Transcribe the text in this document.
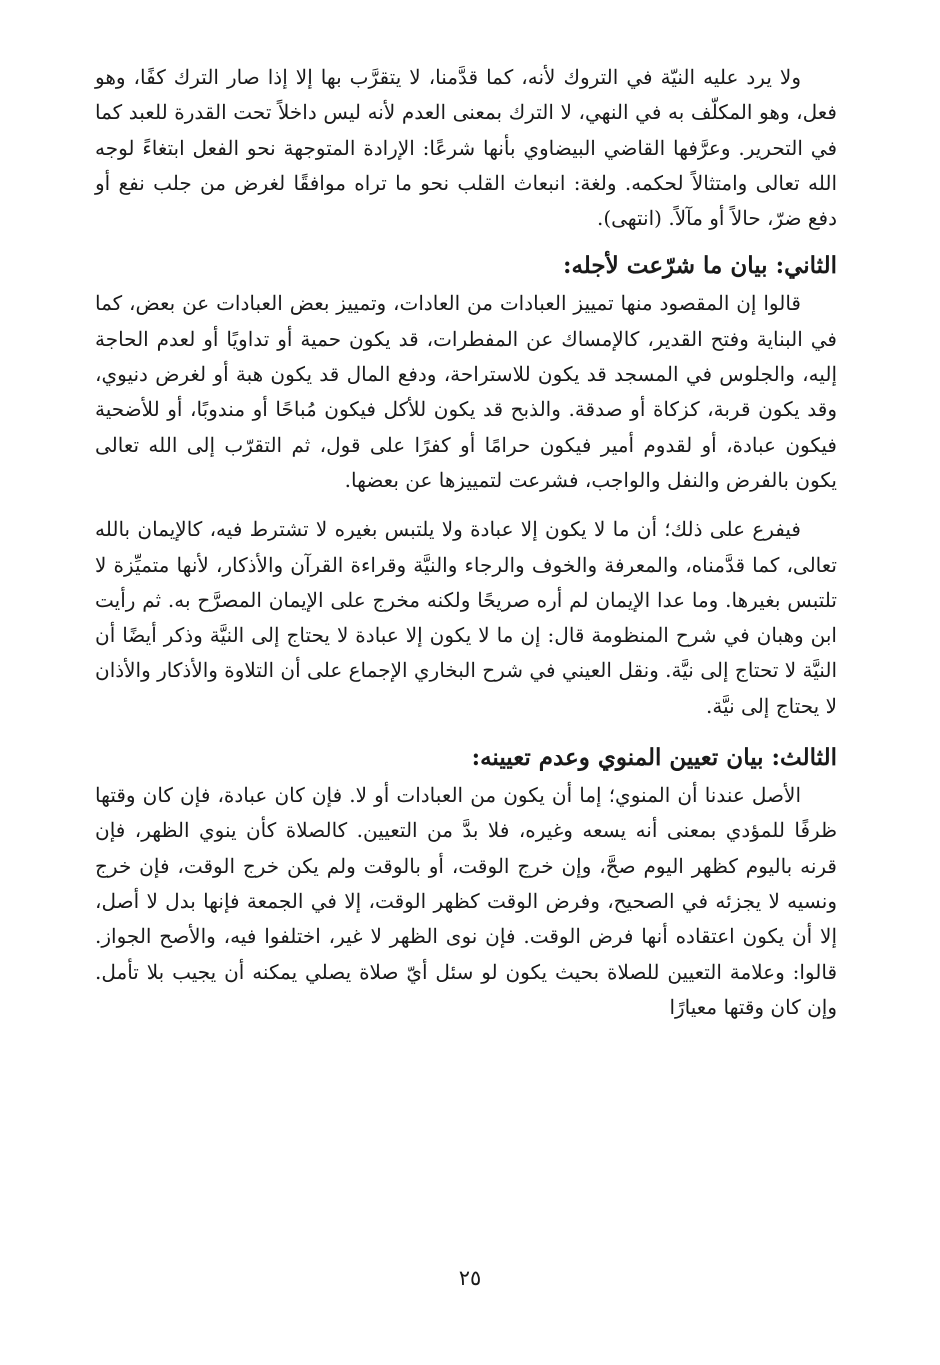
ولا يرد عليه النيّة في التروك لأنه، كما قدَّمنا، لا يتقرَّب بها إلا إذا صار الترك كفًا، وهو فعل، وهو المكلّف به في النهي، لا الترك بمعنى العدم لأنه ليس داخلاً تحت القدرة للعبد كما في التحرير. وعرَّفها القاضي البيضاوي بأنها شرعًا: الإرادة المتوجهة نحو الفعل ابتغاءً لوجه الله تعالى وامتثالاً لحكمه. ولغة: انبعاث القلب نحو ما تراه موافقًا لغرض من جلب نفع أو دفع ضرّ، حالاً أو مآلاً. (انتهى).

الثاني: بيان ما شرّعت لأجله:

قالوا إن المقصود منها تمييز العبادات من العادات، وتمييز بعض العبادات عن بعض، كما في البناية وفتح القدير، كالإمساك عن المفطرات، قد يكون حمية أو تداويًا أو لعدم الحاجة إليه، والجلوس في المسجد قد يكون للاستراحة، ودفع المال قد يكون هبة أو لغرض دنيوي، وقد يكون قربة، كزكاة أو صدقة. والذبح قد يكون للأكل فيكون مُباحًا أو مندوبًا، أو للأضحية فيكون عبادة، أو لقدوم أمير فيكون حرامًا أو كفرًا على قول، ثم التقرّب إلى الله تعالى يكون بالفرض والنفل والواجب، فشرعت لتمييزها عن بعضها.

فيفرع على ذلك؛ أن ما لا يكون إلا عبادة ولا يلتبس بغيره لا تشترط فيه، كالإيمان بالله تعالى، كما قدَّمناه، والمعرفة والخوف والرجاء والنيَّة وقراءة القرآن والأذكار، لأنها متميِّزة لا تلتبس بغيرها. وما عدا الإيمان لم أره صريحًا ولكنه مخرج على الإيمان المصرَّح به. ثم رأيت ابن وهبان في شرح المنظومة قال: إن ما لا يكون إلا عبادة لا يحتاج إلى النيَّة وذكر أيضًا أن النيَّة لا تحتاج إلى نيَّة. ونقل العيني في شرح البخاري الإجماع على أن التلاوة والأذكار والأذان لا يحتاج إلى نيَّة.

الثالث: بيان تعيين المنوي وعدم تعيينه:

الأصل عندنا أن المنوي؛ إما أن يكون من العبادات أو لا. فإن كان عبادة، فإن كان وقتها ظرفًا للمؤدي بمعنى أنه يسعه وغيره، فلا بدَّ من التعيين. كالصلاة كأن ينوي الظهر، فإن قرنه باليوم كظهر اليوم صحَّ، وإن خرج الوقت، أو بالوقت ولم يكن خرج الوقت، فإن خرج ونسيه لا يجزئه في الصحيح، وفرض الوقت كظهر الوقت، إلا في الجمعة فإنها بدل لا أصل، إلا أن يكون اعتقاده أنها فرض الوقت. فإن نوى الظهر لا غير، اختلفوا فيه، والأصح الجواز. قالوا: وعلامة التعيين للصلاة بحيث يكون لو سئل أيّ صلاة يصلي يمكنه أن يجيب بلا تأمل. وإن كان وقتها معيارًا

٢٥
